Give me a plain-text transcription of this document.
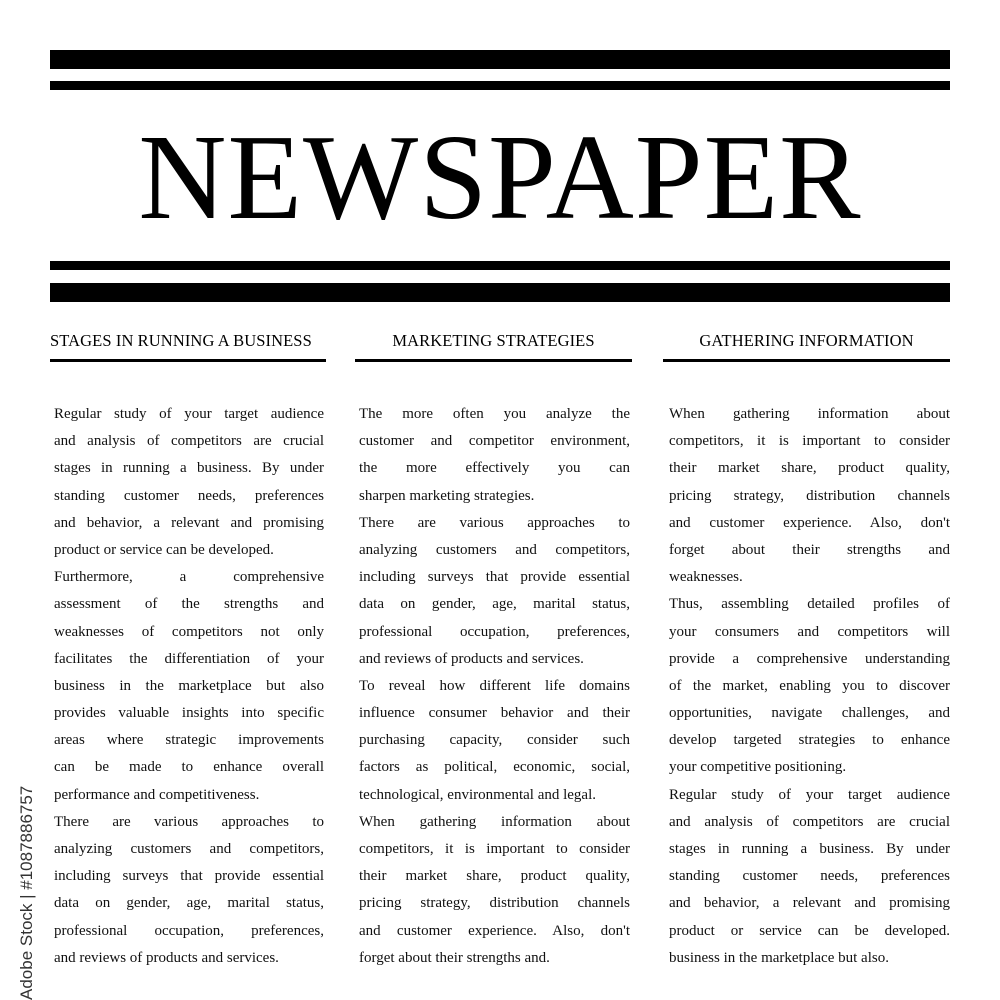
NEWSPAPER
STAGES IN RUNNING A BUSINESS
Regular study of your target audience
and analysis of competitors are crucial
stages in running a business. By under
standing customer needs, preferences
and behavior, a relevant and promising
product or service can be developed.
Furthermore, a comprehensive
assessment of the strengths and
weaknesses of competitors not only
facilitates the differentiation of your
business in the marketplace but also
provides valuable insights into specific
areas where strategic improvements
can be made to enhance overall
performance and competitiveness.
There are various approaches to
analyzing customers and competitors,
including surveys that provide essential
data on gender, age, marital status,
professional occupation, preferences,
and reviews of products and services.
MARKETING STRATEGIES
The more often you analyze the
customer and competitor environment,
the more effectively you can
sharpen marketing strategies.
There are various approaches to
analyzing customers and competitors,
including surveys that provide essential
data on gender, age, marital status,
professional occupation, preferences,
and reviews of products and services.
To reveal how different life domains
influence consumer behavior and their
purchasing capacity, consider such
factors as political, economic, social,
technological, environmental and legal.
When gathering information about
competitors, it is important to consider
their market share, product quality,
pricing strategy, distribution channels
and customer experience. Also, don't
forget about their strengths and.
GATHERING INFORMATION
When gathering information about
competitors, it is important to consider
their market share, product quality,
pricing strategy, distribution channels
and customer experience. Also, don't
forget about their strengths and
weaknesses.
Thus, assembling detailed profiles of
your consumers and competitors will
provide a comprehensive understanding
of the market, enabling you to discover
opportunities, navigate challenges, and
develop targeted strategies to enhance
your competitive positioning.
Regular study of your target audience
and analysis of competitors are crucial
stages in running a business. By under
standing customer needs, preferences
and behavior, a relevant and promising
product or service can be developed.
business in the marketplace but also.
Adobe Stock | #1087886757
